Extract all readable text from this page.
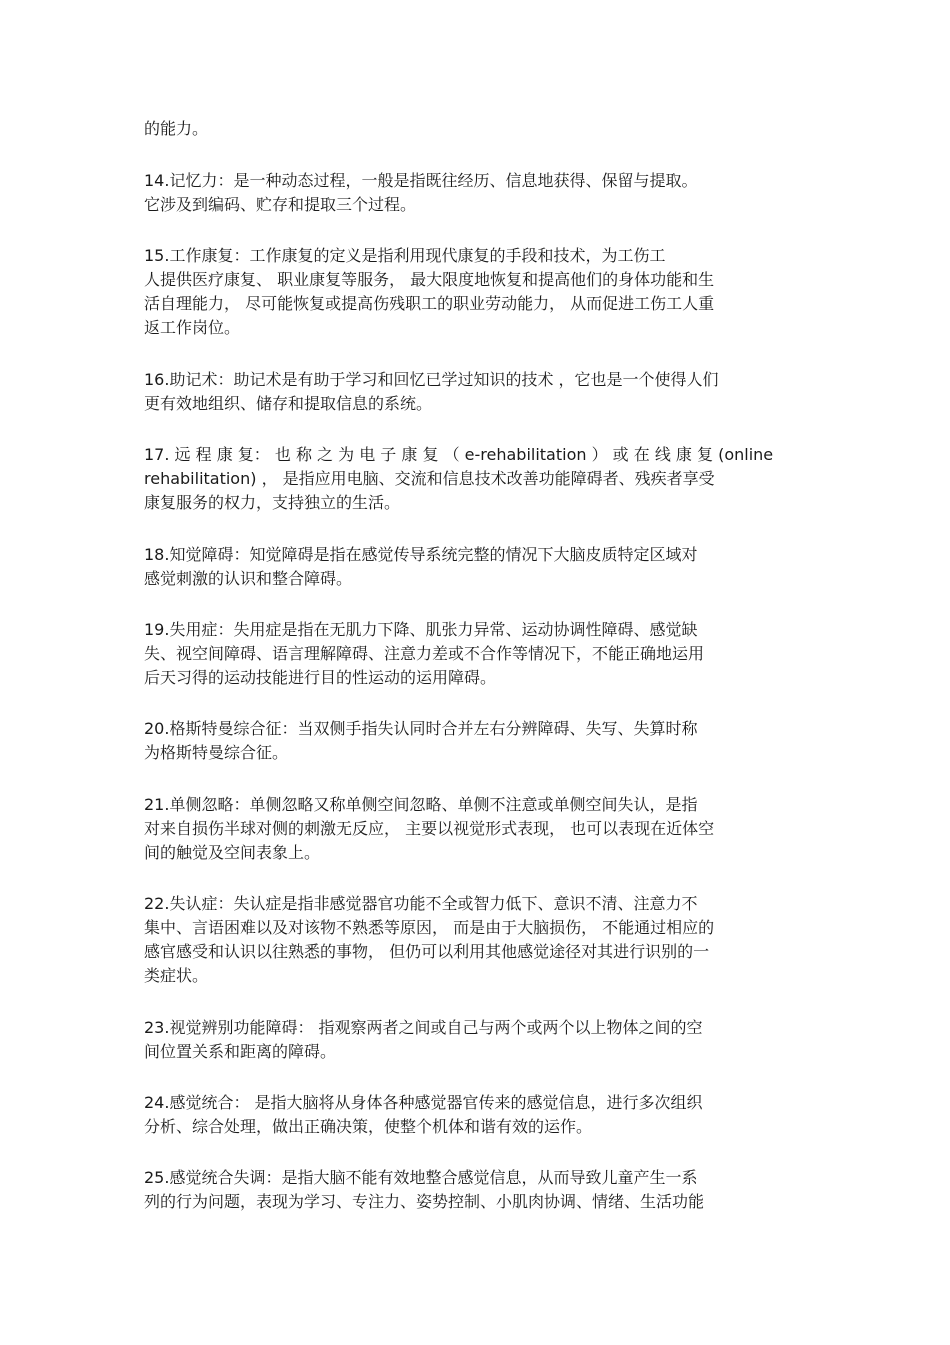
的能力。
14.记忆力：是一种动态过程，一般是指既往经历、信息地获得、保留与提取。
它涉及到编码、贮存和提取三个过程。
15.工作康复：工作康复的定义是指利用现代康复的手段和技术，为工伤工
人提供医疗康复、 职业康复等服务， 最大限度地恢复和提高他们的身体功能和生
活自理能力， 尽可能恢复或提高伤残职工的职业劳动能力， 从而促进工伤工人重
返工作岗位。
16.助记术：助记术是有助于学习和回忆已学过知识的技术 ，它也是一个使得人们
更有效地组织、储存和提取信息的系统。
17. 远 程 康 复： 也 称 之 为 电 子 康 复 （ e-rehabilitation ） 或 在 线 康 复 (online
rehabilitation) ， 是指应用电脑、交流和信息技术改善功能障碍者、残疾者享受
康复服务的权力，支持独立的生活。
18.知觉障碍：知觉障碍是指在感觉传导系统完整的情况下大脑皮质特定区域对
感觉刺激的认识和整合障碍。
19.失用症：失用症是指在无肌力下降、肌张力异常、运动协调性障碍、感觉缺
失、视空间障碍、语言理解障碍、注意力差或不合作等情况下，不能正确地运用
后天习得的运动技能进行目的性运动的运用障碍。
20.格斯特曼综合征：当双侧手指失认同时合并左右分辨障碍、失写、失算时称
为格斯特曼综合征。
21.单侧忽略：单侧忽略又称单侧空间忽略、单侧不注意或单侧空间失认，是指
对来自损伤半球对侧的刺激无反应， 主要以视觉形式表现， 也可以表现在近体空
间的触觉及空间表象上。
22.失认症：失认症是指非感觉器官功能不全或智力低下、意识不清、注意力不
集中、言语困难以及对该物不熟悉等原因， 而是由于大脑损伤， 不能通过相应的
感官感受和认识以往熟悉的事物， 但仍可以利用其他感觉途径对其进行识别的一
类症状。
23.视觉辨别功能障碍： 指观察两者之间或自己与两个或两个以上物体之间的空
间位置关系和距离的障碍。
24.感觉统合： 是指大脑将从身体各种感觉器官传来的感觉信息，进行多次组织
分析、综合处理，做出正确决策，使整个机体和谐有效的运作。
25.感觉统合失调：是指大脑不能有效地整合感觉信息，从而导致儿童产生一系
列的行为问题，表现为学习、专注力、姿势控制、小肌肉协调、情绪、生活功能
